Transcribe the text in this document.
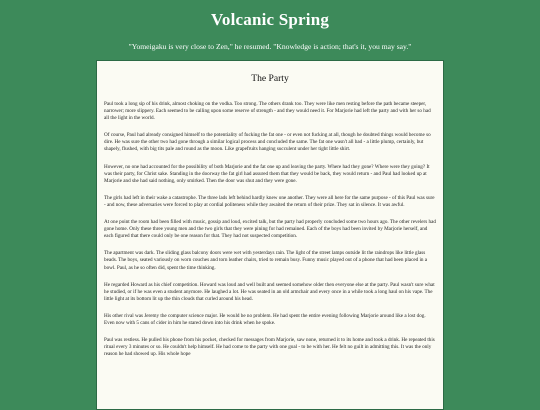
Volcanic Spring
"Yomeigaku is very close to Zen," he resumed. "Knowledge is action; that's it, you may say."
The Party

Paul took a long sip of his drink, almost choking on the vodka. Too strong. The others drank too. They were like men resting before the path became steeper, narrower; more slippery. Each seemed to be calling upon some reserve of strength - and they would need it. For Marjorie had left the party and with her so had all the light in the world.

Of course, Paul had already consigned himself to the potentiality of fucking the fat one - or even not fucking at all, though he doubted things would become so dire. He was sure the other two had gone through a similar logical process and concluded the same. The fat one wasn't all bad - a little plump, certainly, but shapely, flushed, with big tits pale and round as the moon. Like grapefruits hanging succulent under her tight little shirt.

However, no one had accounted for the possibility of both Marjorie and the fat one up and leaving the party. Where had they gone? Where were they going? It was their party, for Christ sake. Standing in the doorway the fat girl had assured them that they would be back, they would return - and Paul had looked up at Marjorie and she had said nothing, only smirked. Then the door was shut and they were gone.

The girls had left in their wake a catastrophe. The three lads left behind hardly knew one another. They were all here for the same purpose - of this Paul was sure - and now, these adversaries were forced to play at cordial politeness while they awaited the return of their prize. They sat in silence. It was awful.

At one point the room had been filled with music, gossip and loud, excited talk, but the party had properly concluded some two hours ago. The other revelers had gone home. Only these three young men and the two girls that they were pining for had remained. Each of the boys had been invited by Marjorie herself, and each figured that there could only be one reason for that. They had not suspected competition.

The apartment was dark. The sliding glass balcony doors were wet with yesterdays rain. The light of the street lamps outside lit the raindrops like little glass beads. The boys, seated variously on worn couches and torn leather chairs, tried to remain busy. Funny music played out of a phone that had been placed in a bowl. Paul, as he so often did, spent the time thinking.

He regarded Howard as his chief competition. Howard was loud and well built and seemed somehow older then everyone else at the party. Paul wasn't sure what he studied, or if he was even a student anymore. He laughed a lot. He was seated in an old armchair and every once in a while took a long haul on his vape. The little light at its bottom lit up the thin clouds that curled around his head.

His other rival was Jeremy the computer science major. He would be no problem. He had spent the entire evening following Marjorie around like a lost dog. Even now with 5 cans of cider in him he stared down into his drink when he spoke.

Paul was restless. He pulled his phone from his pocket, checked for messages from Marjorie, saw none, returned it to its home and took a drink. He repeated this ritual every 3 minutes or so. He couldn't help himself. He had come to the party with one goal - to be with her. He felt no guilt in admitting this. It was the only reason he had showed up. His whole hope
